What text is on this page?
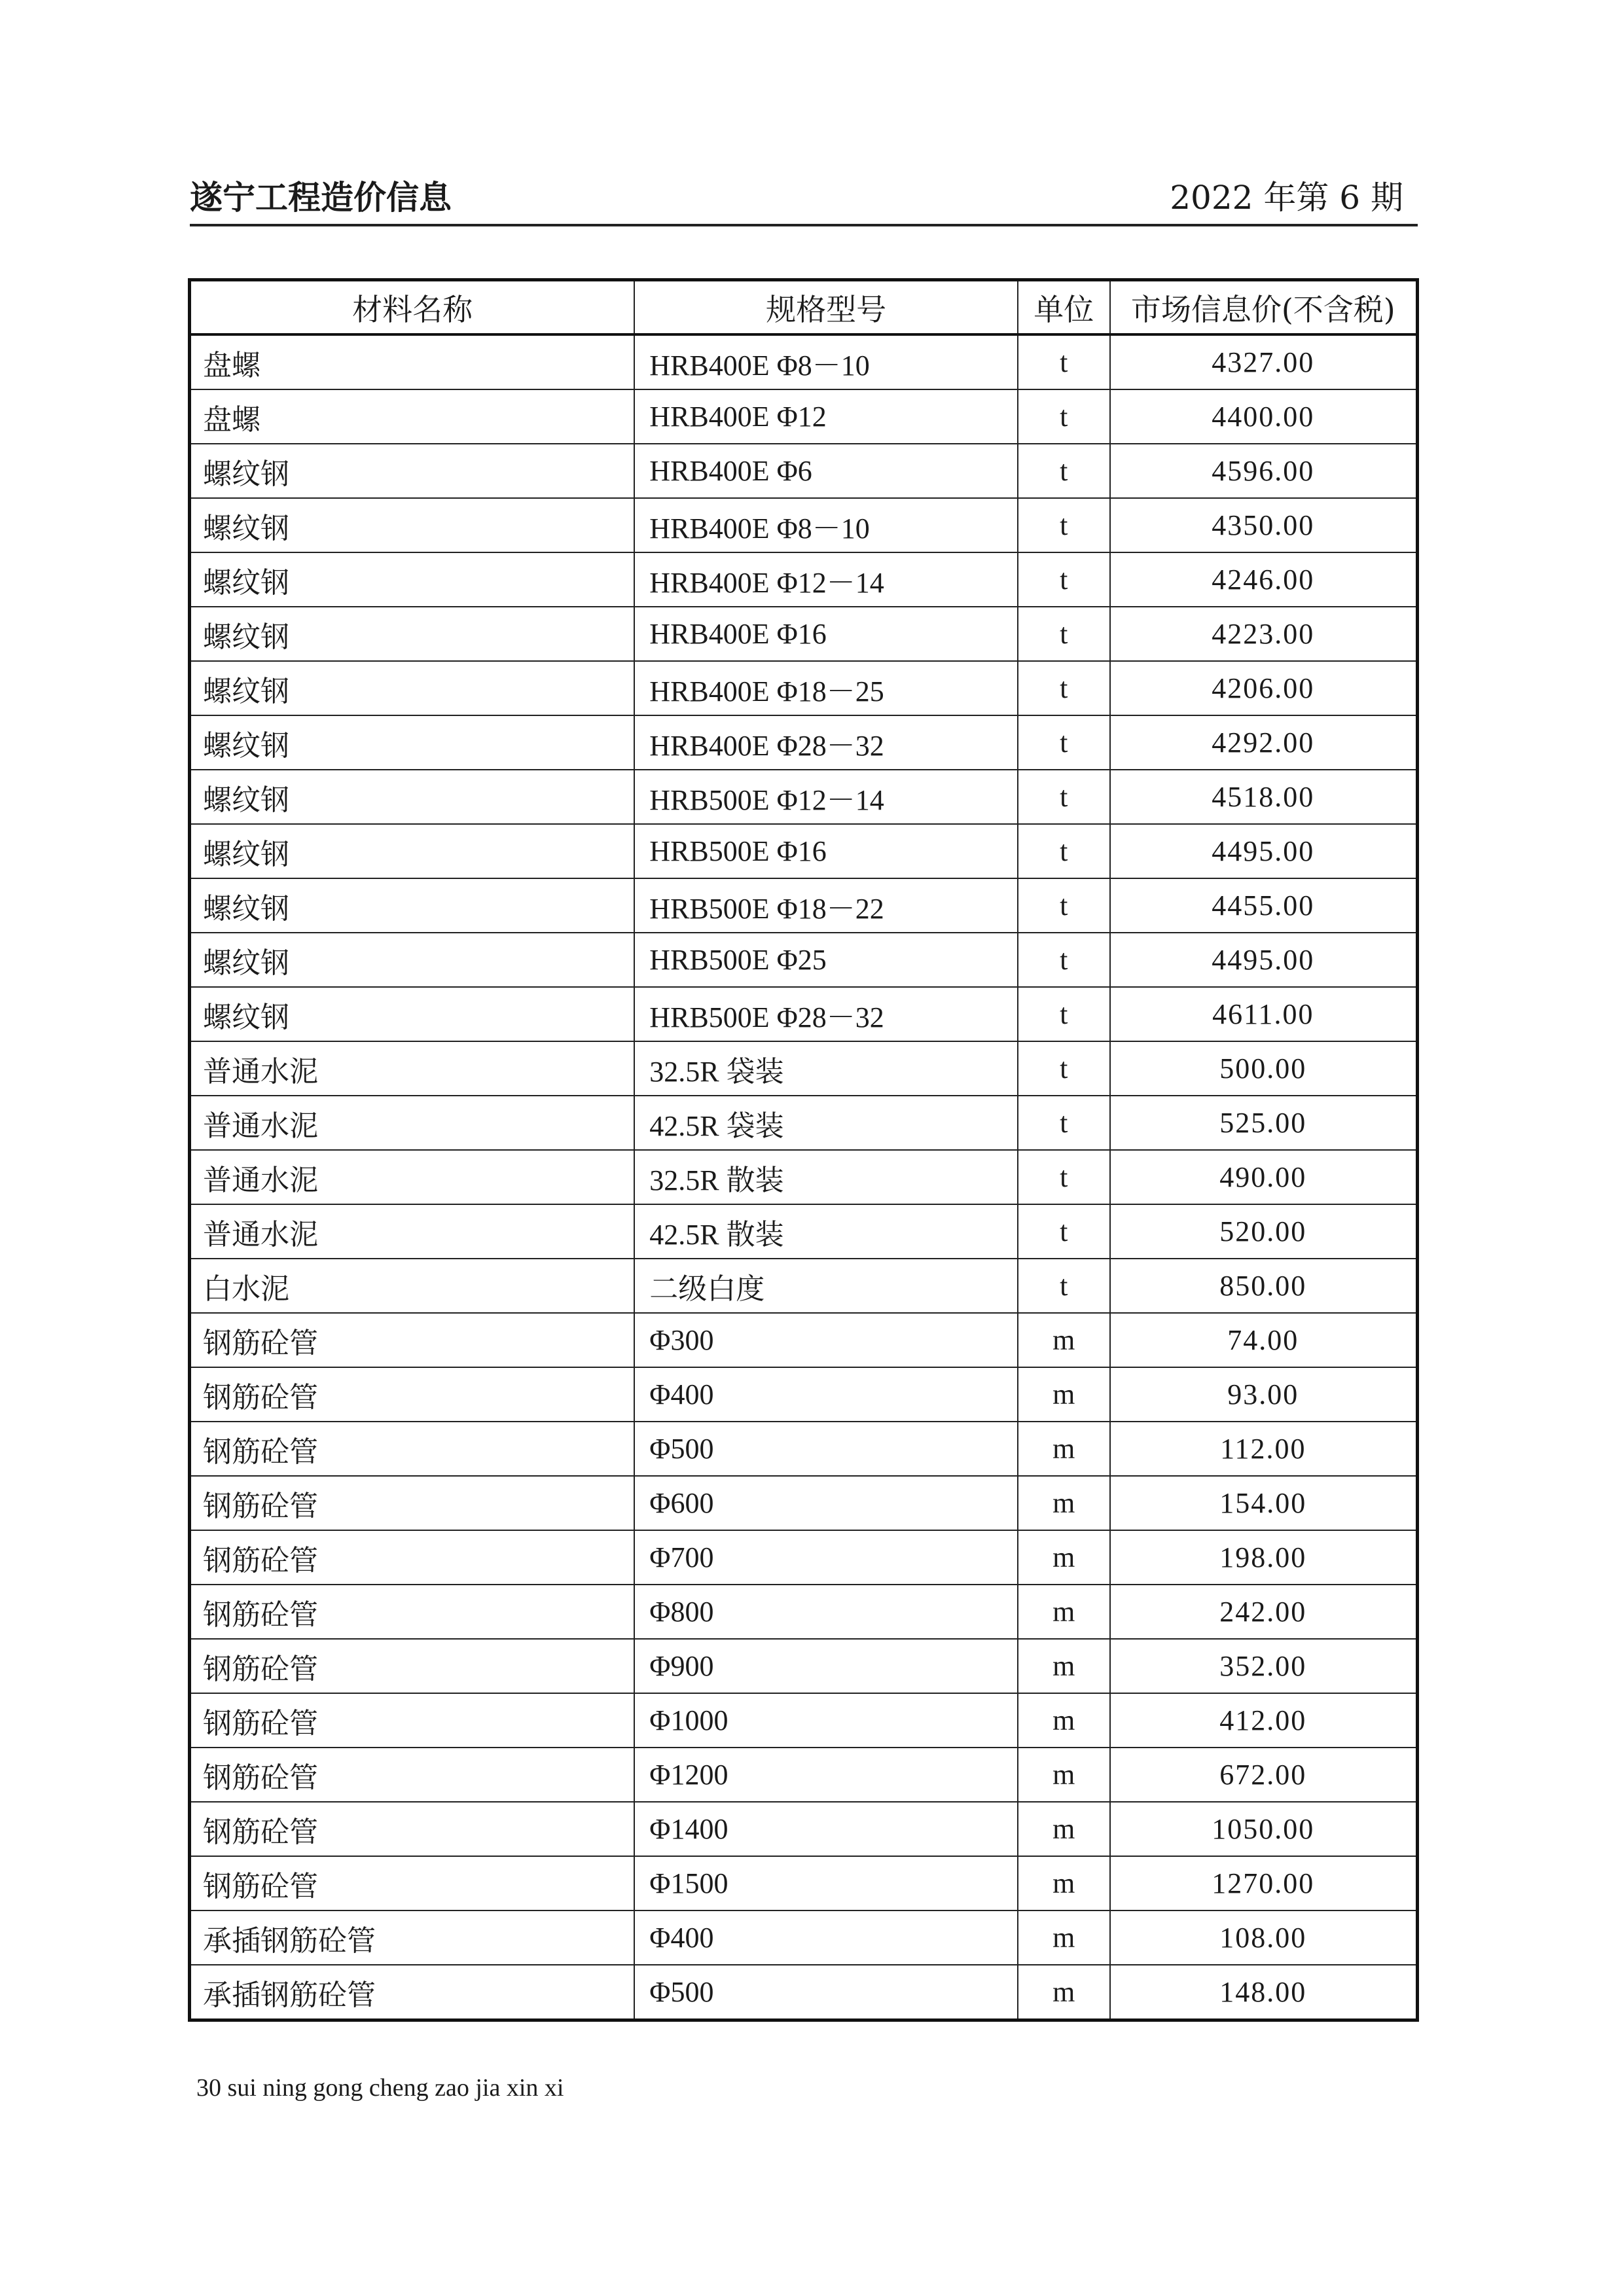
遂宁工程造价信息	2022 年第 6 期
材料名称	规格型号	单位	市场信息价(不含税)
盘螺	HRB400E Φ8－10	t	4327.00
盘螺	HRB400E Φ12	t	4400.00
螺纹钢	HRB400E Φ6	t	4596.00
螺纹钢	HRB400E Φ8－10	t	4350.00
螺纹钢	HRB400E Φ12－14	t	4246.00
螺纹钢	HRB400E Φ16	t	4223.00
螺纹钢	HRB400E Φ18－25	t	4206.00
螺纹钢	HRB400E Φ28－32	t	4292.00
螺纹钢	HRB500E Φ12－14	t	4518.00
螺纹钢	HRB500E Φ16	t	4495.00
螺纹钢	HRB500E Φ18－22	t	4455.00
螺纹钢	HRB500E Φ25	t	4495.00
螺纹钢	HRB500E Φ28－32	t	4611.00
普通水泥	32.5R 袋装	t	500.00
普通水泥	42.5R 袋装	t	525.00
普通水泥	32.5R 散装	t	490.00
普通水泥	42.5R 散装	t	520.00
白水泥	二级白度	t	850.00
钢筋砼管	Φ300	m	74.00
钢筋砼管	Φ400	m	93.00
钢筋砼管	Φ500	m	112.00
钢筋砼管	Φ600	m	154.00
钢筋砼管	Φ700	m	198.00
钢筋砼管	Φ800	m	242.00
钢筋砼管	Φ900	m	352.00
钢筋砼管	Φ1000	m	412.00
钢筋砼管	Φ1200	m	672.00
钢筋砼管	Φ1400	m	1050.00
钢筋砼管	Φ1500	m	1270.00
承插钢筋砼管	Φ400	m	108.00
承插钢筋砼管	Φ500	m	148.00
30 sui ning gong cheng zao jia xin xi
